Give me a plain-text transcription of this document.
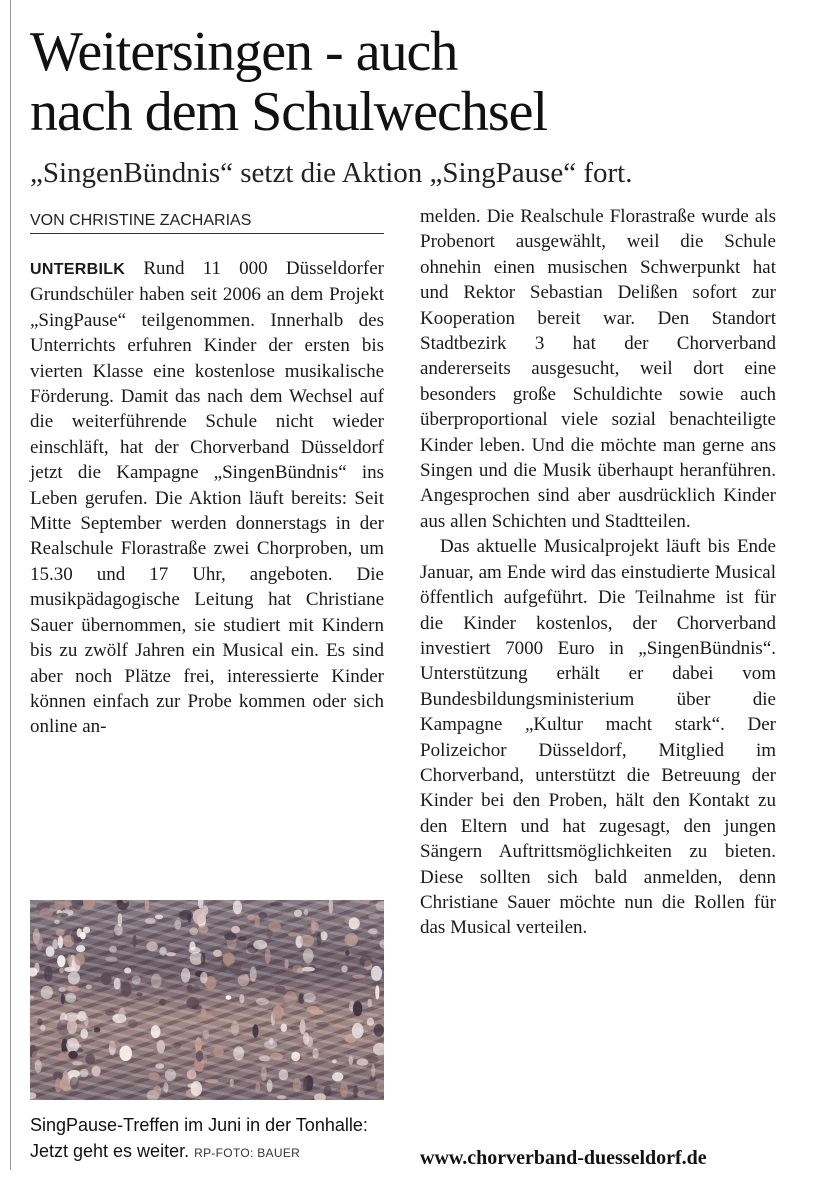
Weitersingen - auch
nach dem Schulwechsel
„SingenBündnis“ setzt die Aktion „SingPause“ fort.
VON CHRISTINE ZACHARIAS

UNTERBILK Rund 11 000 Düsseldorfer Grundschüler haben seit 2006 an dem Projekt „SingPause“ teilgenommen. Innerhalb des Unterrichts erfuhren Kinder der ersten bis vierten Klasse eine kostenlose musikalische Förderung. Damit das nach dem Wechsel auf die weiterführende Schule nicht wieder einschläft, hat der Chorverband Düsseldorf jetzt die Kampagne „SingenBündnis“ ins Leben gerufen. Die Aktion läuft bereits: Seit Mitte September werden donnerstags in der Realschule Florastraße zwei Chorproben, um 15.30 und 17 Uhr, angeboten. Die musikpädagogische Leitung hat Christiane Sauer übernommen, sie studiert mit Kindern bis zu zwölf Jahren ein Musical ein. Es sind aber noch Plätze frei, interessierte Kinder können einfach zur Probe kommen oder sich online an-

SingPause-Treffen im Juni in der Tonhalle: Jetzt geht es weiter. RP-FOTO: BAUER

melden. Die Realschule Florastraße wurde als Probenort ausgewählt, weil die Schule ohnehin einen musischen Schwerpunkt hat und Rektor Sebastian Delißen sofort zur Kooperation bereit war. Den Standort Stadtbezirk 3 hat der Chorverband andererseits ausgesucht, weil dort eine besonders große Schuldichte sowie auch überproportional viele sozial benachteiligte Kinder leben. Und die möchte man gerne ans Singen und die Musik überhaupt heranführen. Angesprochen sind aber ausdrücklich Kinder aus allen Schichten und Stadtteilen.

Das aktuelle Musicalprojekt läuft bis Ende Januar, am Ende wird das einstudierte Musical öffentlich aufgeführt. Die Teilnahme ist für die Kinder kostenlos, der Chorverband investiert 7000 Euro in „SingenBündnis“. Unterstützung erhält er dabei vom Bundesbildungsministerium über die Kampagne „Kultur macht stark“. Der Polizeichor Düsseldorf, Mitglied im Chorverband, unterstützt die Betreuung der Kinder bei den Proben, hält den Kontakt zu den Eltern und hat zugesagt, den jungen Sängern Auftrittsmöglichkeiten zu bieten. Diese sollten sich bald anmelden, denn Christiane Sauer möchte nun die Rollen für das Musical verteilen.

www.chorverband-duesseldorf.de
